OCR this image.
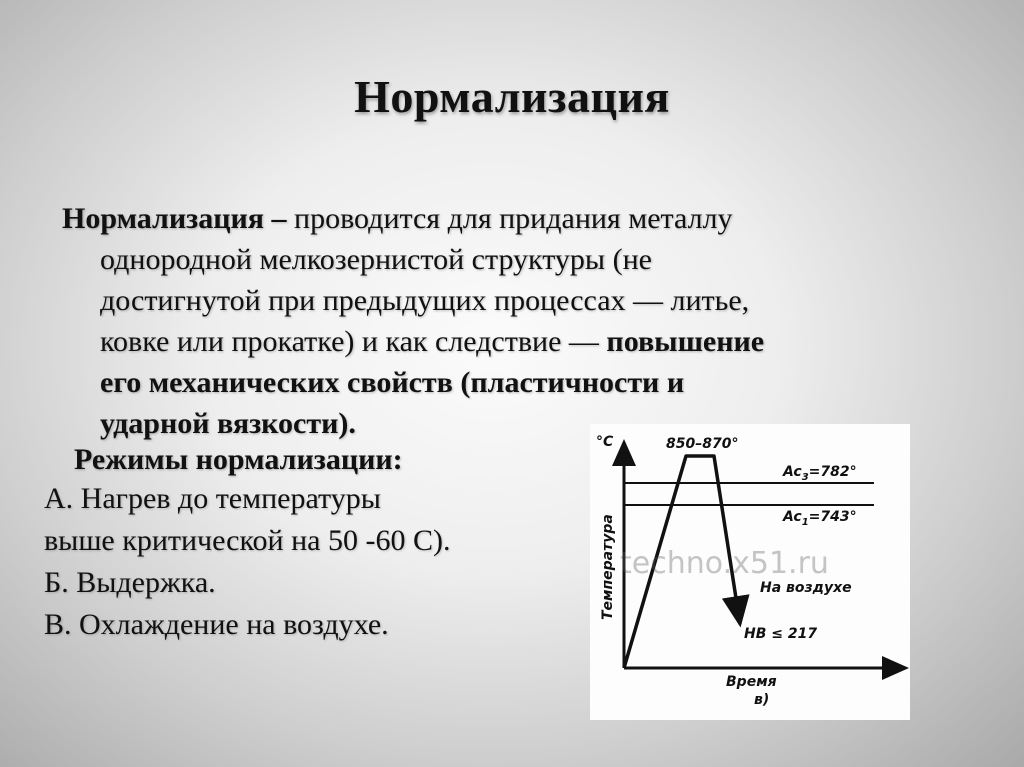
Нормализация
Нормализация – проводится для придания металлу
однородной мелкозернистой структуры (не
достигнутой при предыдущих процессах — литье,
ковке или прокатке) и как следствие — повышение
его механических свойств (пластичности и
ударной вязкости).
Режимы нормализации:
А. Нагрев до температуры
выше критической на 50 -60 С).
Б. Выдержка.
В. Охлаждение на воздухе.
°С
Температура
Время
в)
850–870°
$Ac_3=782^\circ$
$Ac_1=743^\circ$
На воздухе
НВ ≤ 217
techno.x51.ru
